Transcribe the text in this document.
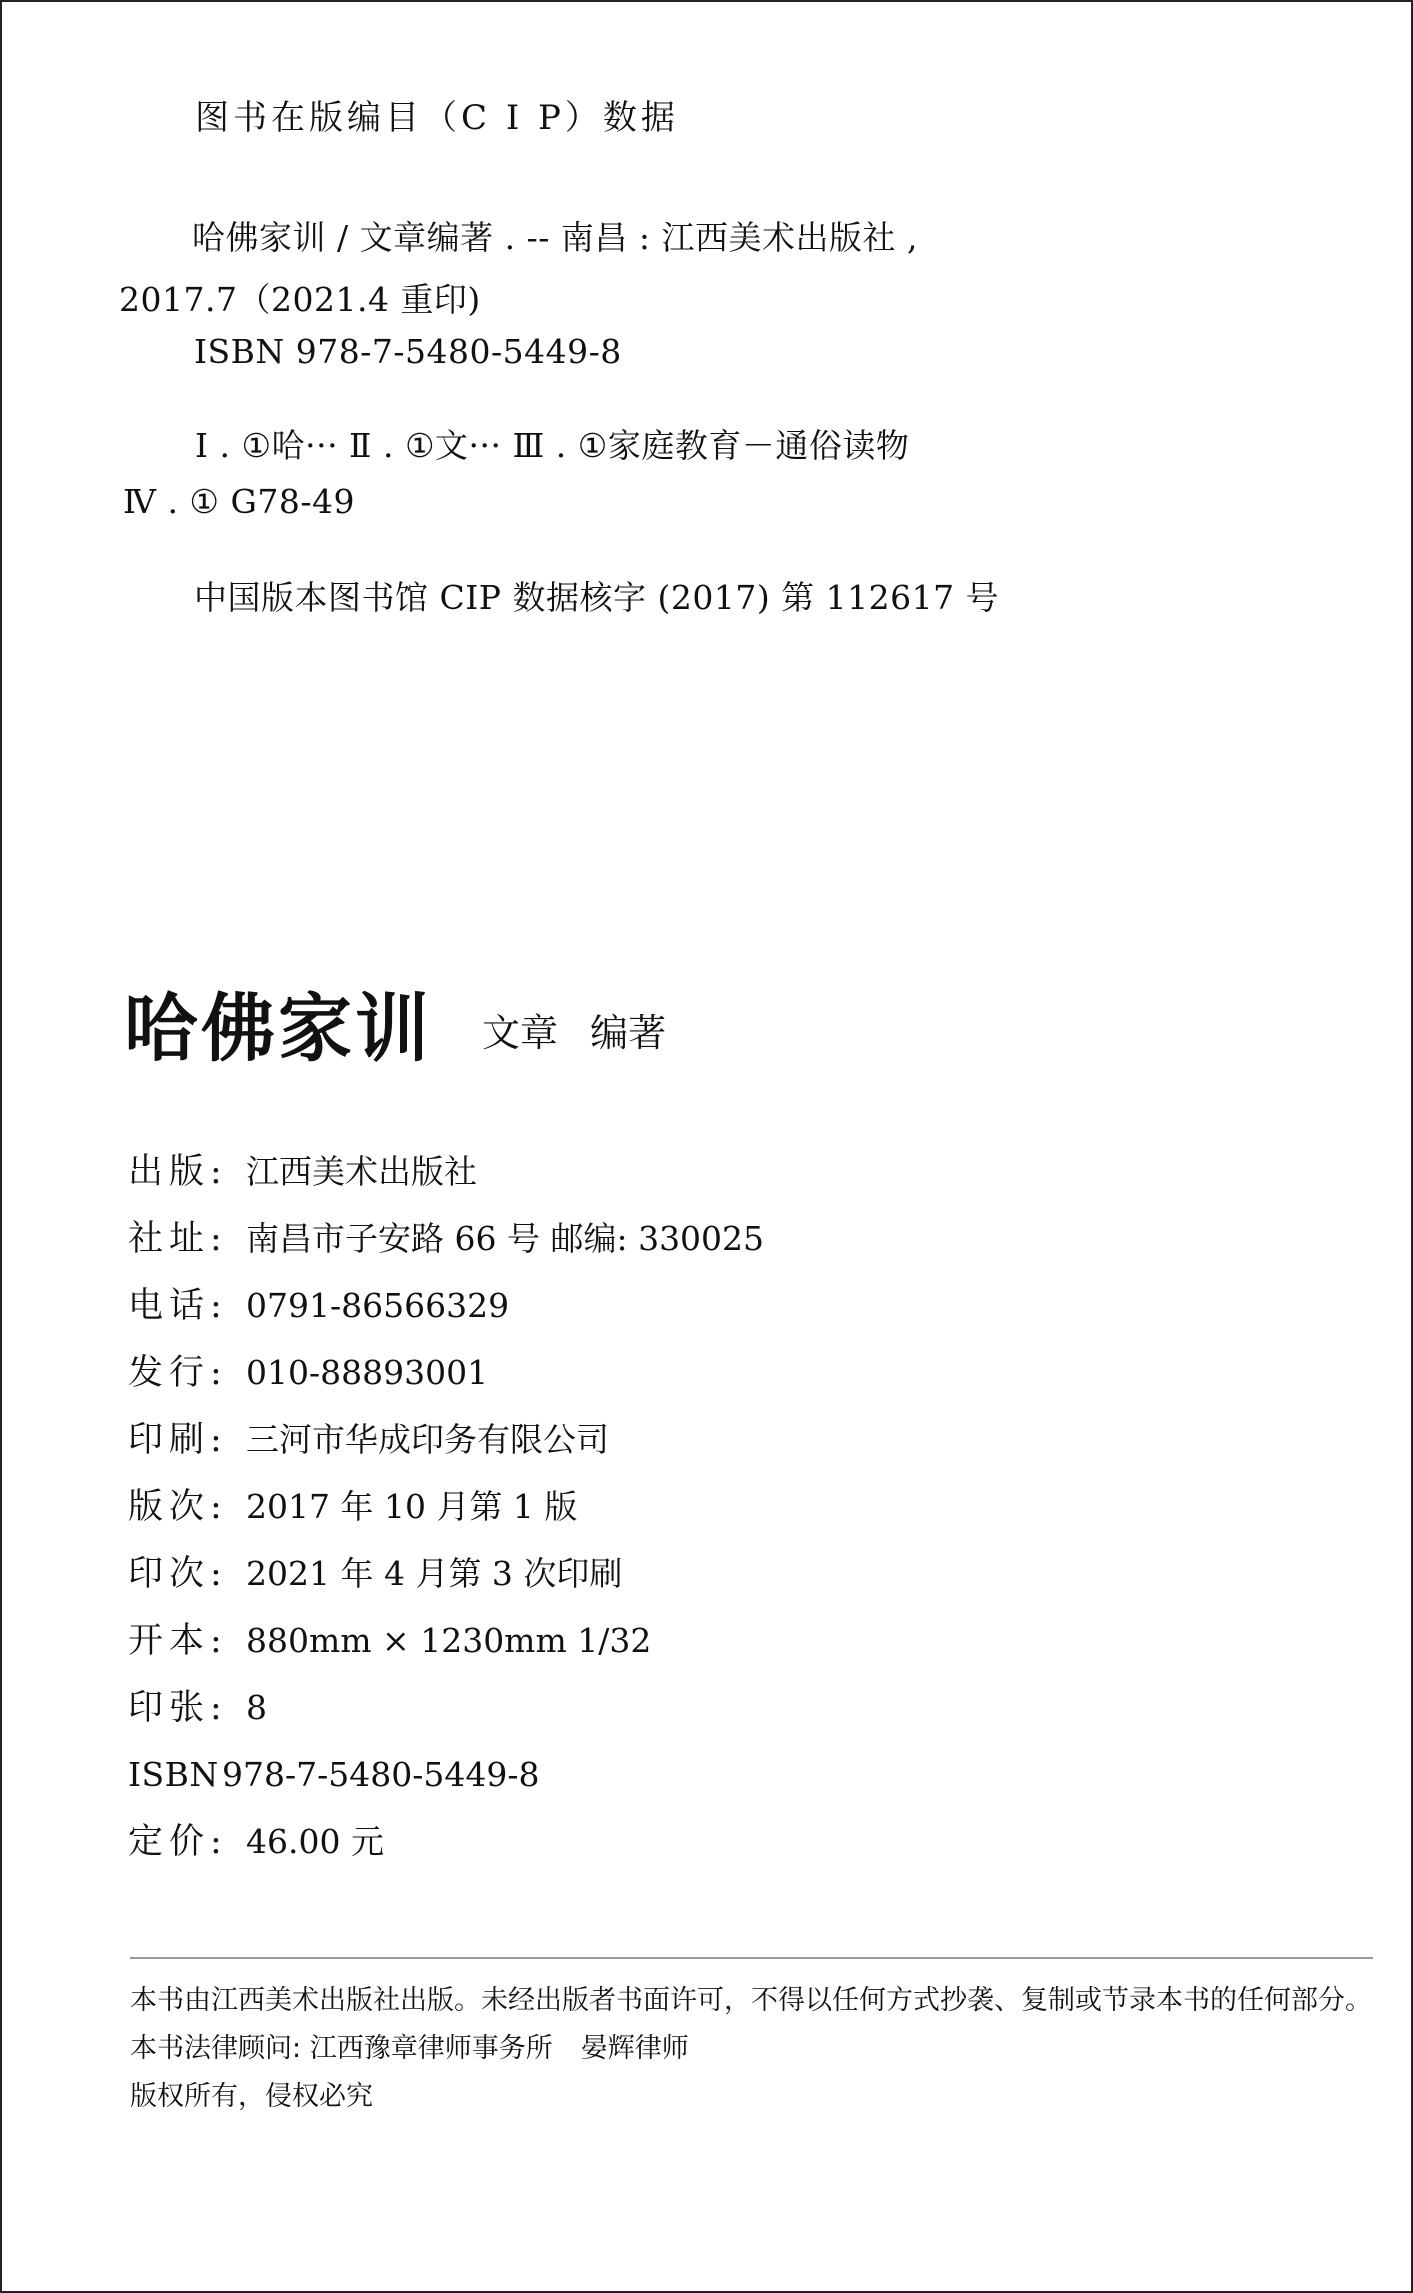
图书在版编目（C I P）数据
哈佛家训 / 文章编著 . -- 南昌 : 江西美术出版社 ,
2017.7（2021.4 重印)
ISBN 978-7-5480-5449-8
Ⅰ . ①哈··· Ⅱ . ①文··· Ⅲ . ①家庭教育－通俗读物
Ⅳ . ① G78-49
中国版本图书馆 CIP 数据核字 (2017) 第 112617 号
哈佛家训 文章 编著
出版: 江西美术出版社
社址: 南昌市子安路 66 号 邮编: 330025
电话: 0791-86566329
发行: 010-88893001
印刷: 三河市华成印务有限公司
版次: 2017 年 10 月第 1 版
印次: 2021 年 4 月第 3 次印刷
开本: 880mm × 1230mm 1/32
印张: 8
ISBN978-7-5480-5449-8
定价: 46.00 元
本书由江西美术出版社出版。未经出版者书面许可，不得以任何方式抄袭、复制或节录本书的任何部分。
本书法律顾问: 江西豫章律师事务所 晏辉律师
版权所有，侵权必究
